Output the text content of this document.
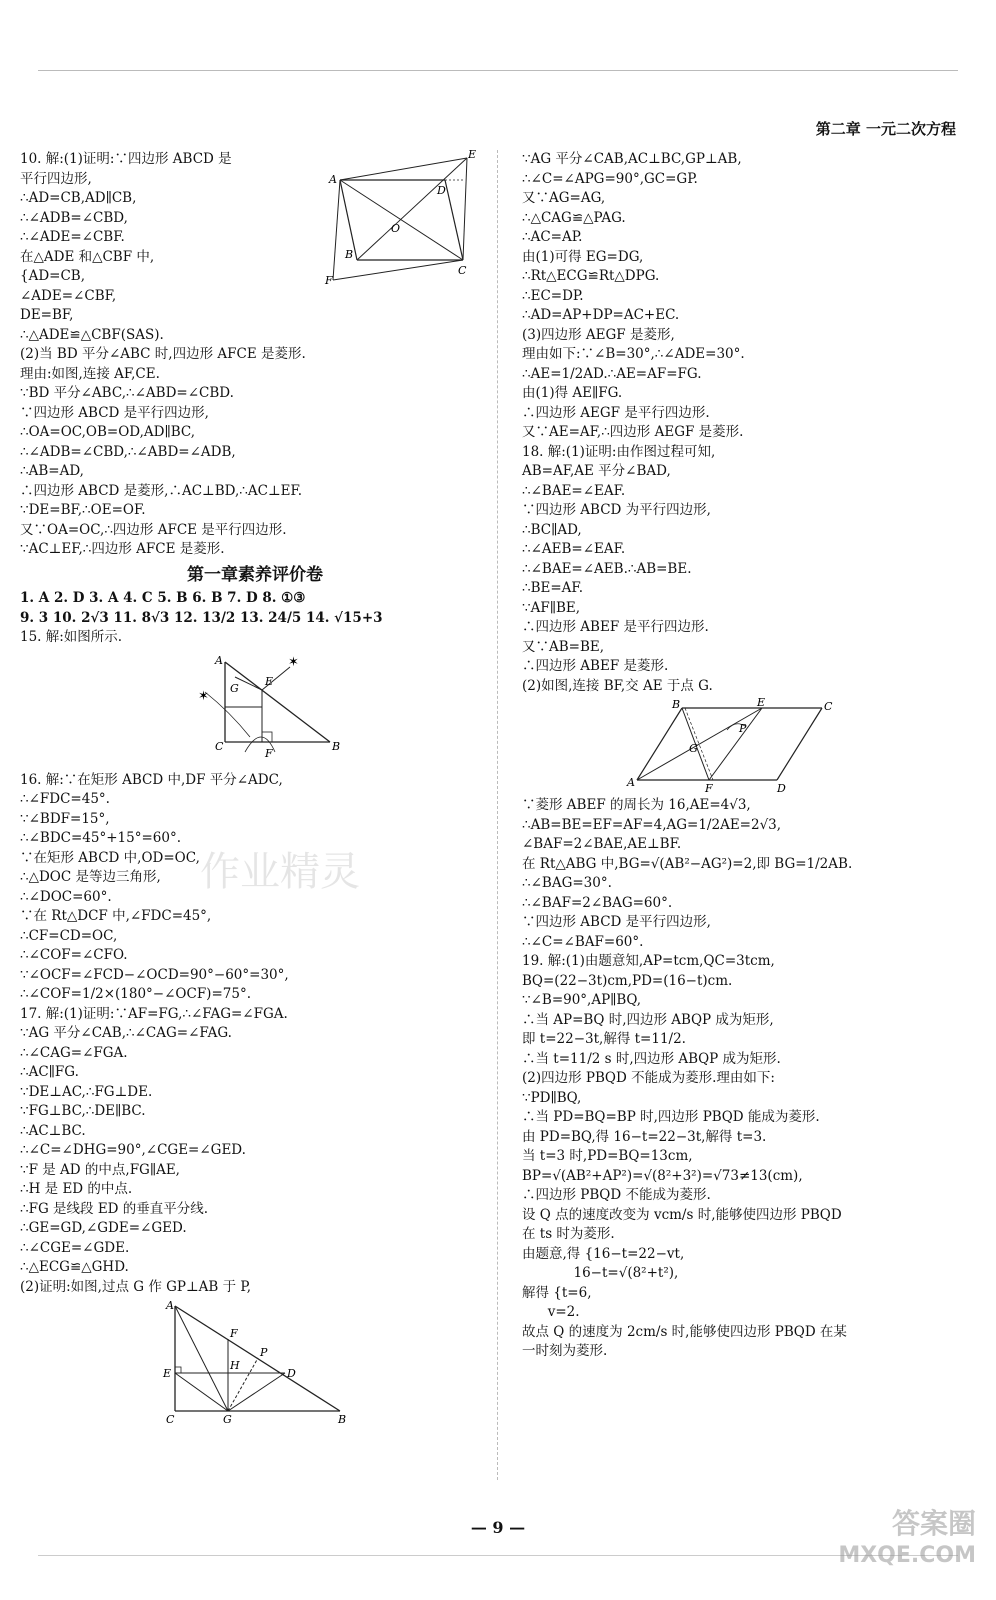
第二章 一元二次方程
10. 解:(1)证明:∵四边形 ABCD 是
平行四边形,
∴AD=CB,AD∥CB,
∴∠ADB=∠CBD,
∴∠ADE=∠CBF.
在△ADE 和△CBF 中,
{AD=CB,
∠ADE=∠CBF,
DE=BF,
∴△ADE≌△CBF(SAS).
(2)当 BD 平分∠ABC 时,四边形 AFCE 是菱形.
理由:如图,连接 AF,CE.
∵BD 平分∠ABC,∴∠ABD=∠CBD.
∵四边形 ABCD 是平行四边形,
∴OA=OC,OB=OD,AD∥BC,
∴∠ADB=∠CBD,∴∠ABD=∠ADB,
∴AB=AD,
∴四边形 ABCD 是菱形,∴AC⊥BD,∴AC⊥EF.
∵DE=BF,∴OE=OF.
又∵OA=OC,∴四边形 AFCE 是平行四边形.
∵AC⊥EF,∴四边形 AFCE 是菱形.
第一章素养评价卷
1. A 2. D 3. A 4. C 5. B 6. B 7. D 8. ①③
9. 3 10. 2√3 11. 8√3 12. 13/2 13. 24/5 14. √15+3
15. 解:如图所示.
A
G
E
C	B
F
✶
✶
16. 解:∵在矩形 ABCD 中,DF 平分∠ADC,
∴∠FDC=45°.
∵∠BDF=15°,
∴∠BDC=45°+15°=60°.
∵在矩形 ABCD 中,OD=OC,
∴△DOC 是等边三角形,
∴∠DOC=60°.
∵在 Rt△DCF 中,∠FDC=45°,
∴CF=CD=OC,
∴∠COF=∠CFO.
∵∠OCF=∠FCD−∠OCD=90°−60°=30°,
∴∠COF=1/2×(180°−∠OCF)=75°.
17. 解:(1)证明:∵AF=FG,∴∠FAG=∠FGA.
∵AG 平分∠CAB,∴∠CAG=∠FAG.
∴∠CAG=∠FGA.
∴AC∥FG.
∵DE⊥AC,∴FG⊥DE.
∵FG⊥BC,∴DE∥BC.
∴AC⊥BC.
∴∠C=∠DHG=90°,∠CGE=∠GED.
∵F 是 AD 的中点,FG∥AE,
∴H 是 ED 的中点.
∴FG 是线段 ED 的垂直平分线.
∴GE=GD,∠GDE=∠GED.
∴∠CGE=∠GDE.
∴△ECG≌△GHD.
(2)证明:如图,过点 G 作 GP⊥AB 于 P,
A
E
F
H
P
D
C	G	B
A
E
D
O
B
C
F
∵AG 平分∠CAB,AC⊥BC,GP⊥AB,
∴∠C=∠APG=90°,GC=GP.
又∵AG=AG,
∴△CAG≌△PAG.
∴AC=AP.
由(1)可得 EG=DG,
∴Rt△ECG≌Rt△DPG.
∴EC=DP.
∴AD=AP+DP=AC+EC.
(3)四边形 AEGF 是菱形,
理由如下:∵∠B=30°,∴∠ADE=30°.
∴AE=1/2AD.∴AE=AF=FG.
由(1)得 AE∥FG.
∴四边形 AEGF 是平行四边形.
又∵AE=AF,∴四边形 AEGF 是菱形.
18. 解:(1)证明:由作图过程可知,
AB=AF,AE 平分∠BAD,
∴∠BAE=∠EAF.
∵四边形 ABCD 为平行四边形,
∴BC∥AD,
∴∠AEB=∠EAF.
∴∠BAE=∠AEB.∴AB=BE.
∴BE=AF.
∵AF∥BE,
∴四边形 ABEF 是平行四边形.
又∵AB=BE,
∴四边形 ABEF 是菱形.
(2)如图,连接 BF,交 AE 于点 G.
B	E	C
P
G
A	F	D
∵菱形 ABEF 的周长为 16,AE=4√3,
∴AB=BE=EF=AF=4,AG=1/2AE=2√3,
∠BAF=2∠BAE,AE⊥BF.
在 Rt△ABG 中,BG=√(AB²−AG²)=2,即 BG=1/2AB.
∴∠BAG=30°.
∴∠BAF=2∠BAG=60°.
∵四边形 ABCD 是平行四边形,
∴∠C=∠BAF=60°.
19. 解:(1)由题意知,AP=tcm,QC=3tcm,
BQ=(22−3t)cm,PD=(16−t)cm.
∵∠B=90°,AP∥BQ,
∴当 AP=BQ 时,四边形 ABQP 成为矩形,
即 t=22−3t,解得 t=11/2.
∴当 t=11/2 s 时,四边形 ABQP 成为矩形.
(2)四边形 PBQD 不能成为菱形.理由如下:
∵PD∥BQ,
∴当 PD=BQ=BP 时,四边形 PBQD 能成为菱形.
由 PD=BQ,得 16−t=22−3t,解得 t=3.
当 t=3 时,PD=BQ=13cm,
BP=√(AB²+AP²)=√(8²+3²)=√73≠13(cm),
∴四边形 PBQD 不能成为菱形.
设 Q 点的速度改变为 vcm/s 时,能够使四边形 PBQD
在 ts 时为菱形.
由题意,得 {16−t=22−vt,
16−t=√(8²+t²),
解得 {t=6,
v=2.
故点 Q 的速度为 2cm/s 时,能够使四边形 PBQD 在某
一时刻为菱形.
— 9 —	答案圈
MXQE.COM
作业精灵
